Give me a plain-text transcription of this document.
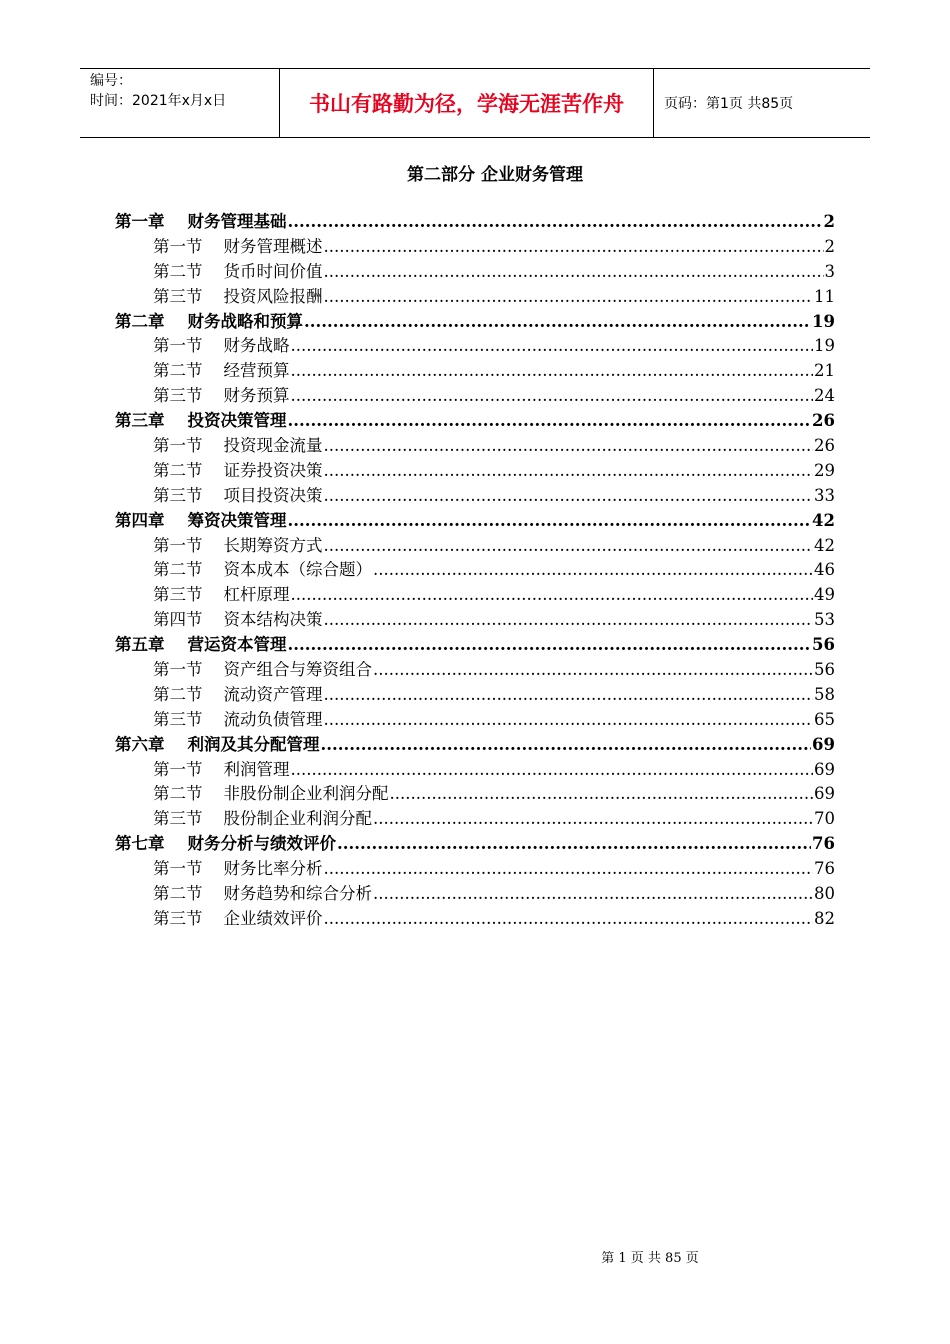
编号：
时间：2021年x月x日	书山有路勤为径，学海无涯苦作舟	页码：第1页 共85页
第二部分 企业财务管理
第一章    财务管理基础 .....	2
第一节    财务管理概述 .....	2
第二节    货币时间价值 .....	3
第三节    投资风险报酬 .....	11
第二章    财务战略和预算 .....	19
第一节    财务战略 .....	19
第二节    经营预算 .....	21
第三节    财务预算 .....	24
第三章    投资决策管理 .....	26
第一节    投资现金流量 .....	26
第二节    证券投资决策 .....	29
第三节    项目投资决策 .....	33
第四章    筹资决策管理 .....	42
第一节    长期筹资方式 .....	42
第二节    资本成本（综合题） .....	46
第三节    杠杆原理 .....	49
第四节    资本结构决策 .....	53
第五章    营运资本管理 .....	56
第一节    资产组合与筹资组合 .....	56
第二节    流动资产管理 .....	58
第三节    流动负债管理 .....	65
第六章    利润及其分配管理 .....	69
第一节    利润管理 .....	69
第二节    非股份制企业利润分配 .....	69
第三节    股份制企业利润分配 .....	70
第七章    财务分析与绩效评价 .....	76
第一节    财务比率分析 .....	76
第二节    财务趋势和综合分析 .....	80
第三节    企业绩效评价 .....	82
第 1 页 共 85 页
